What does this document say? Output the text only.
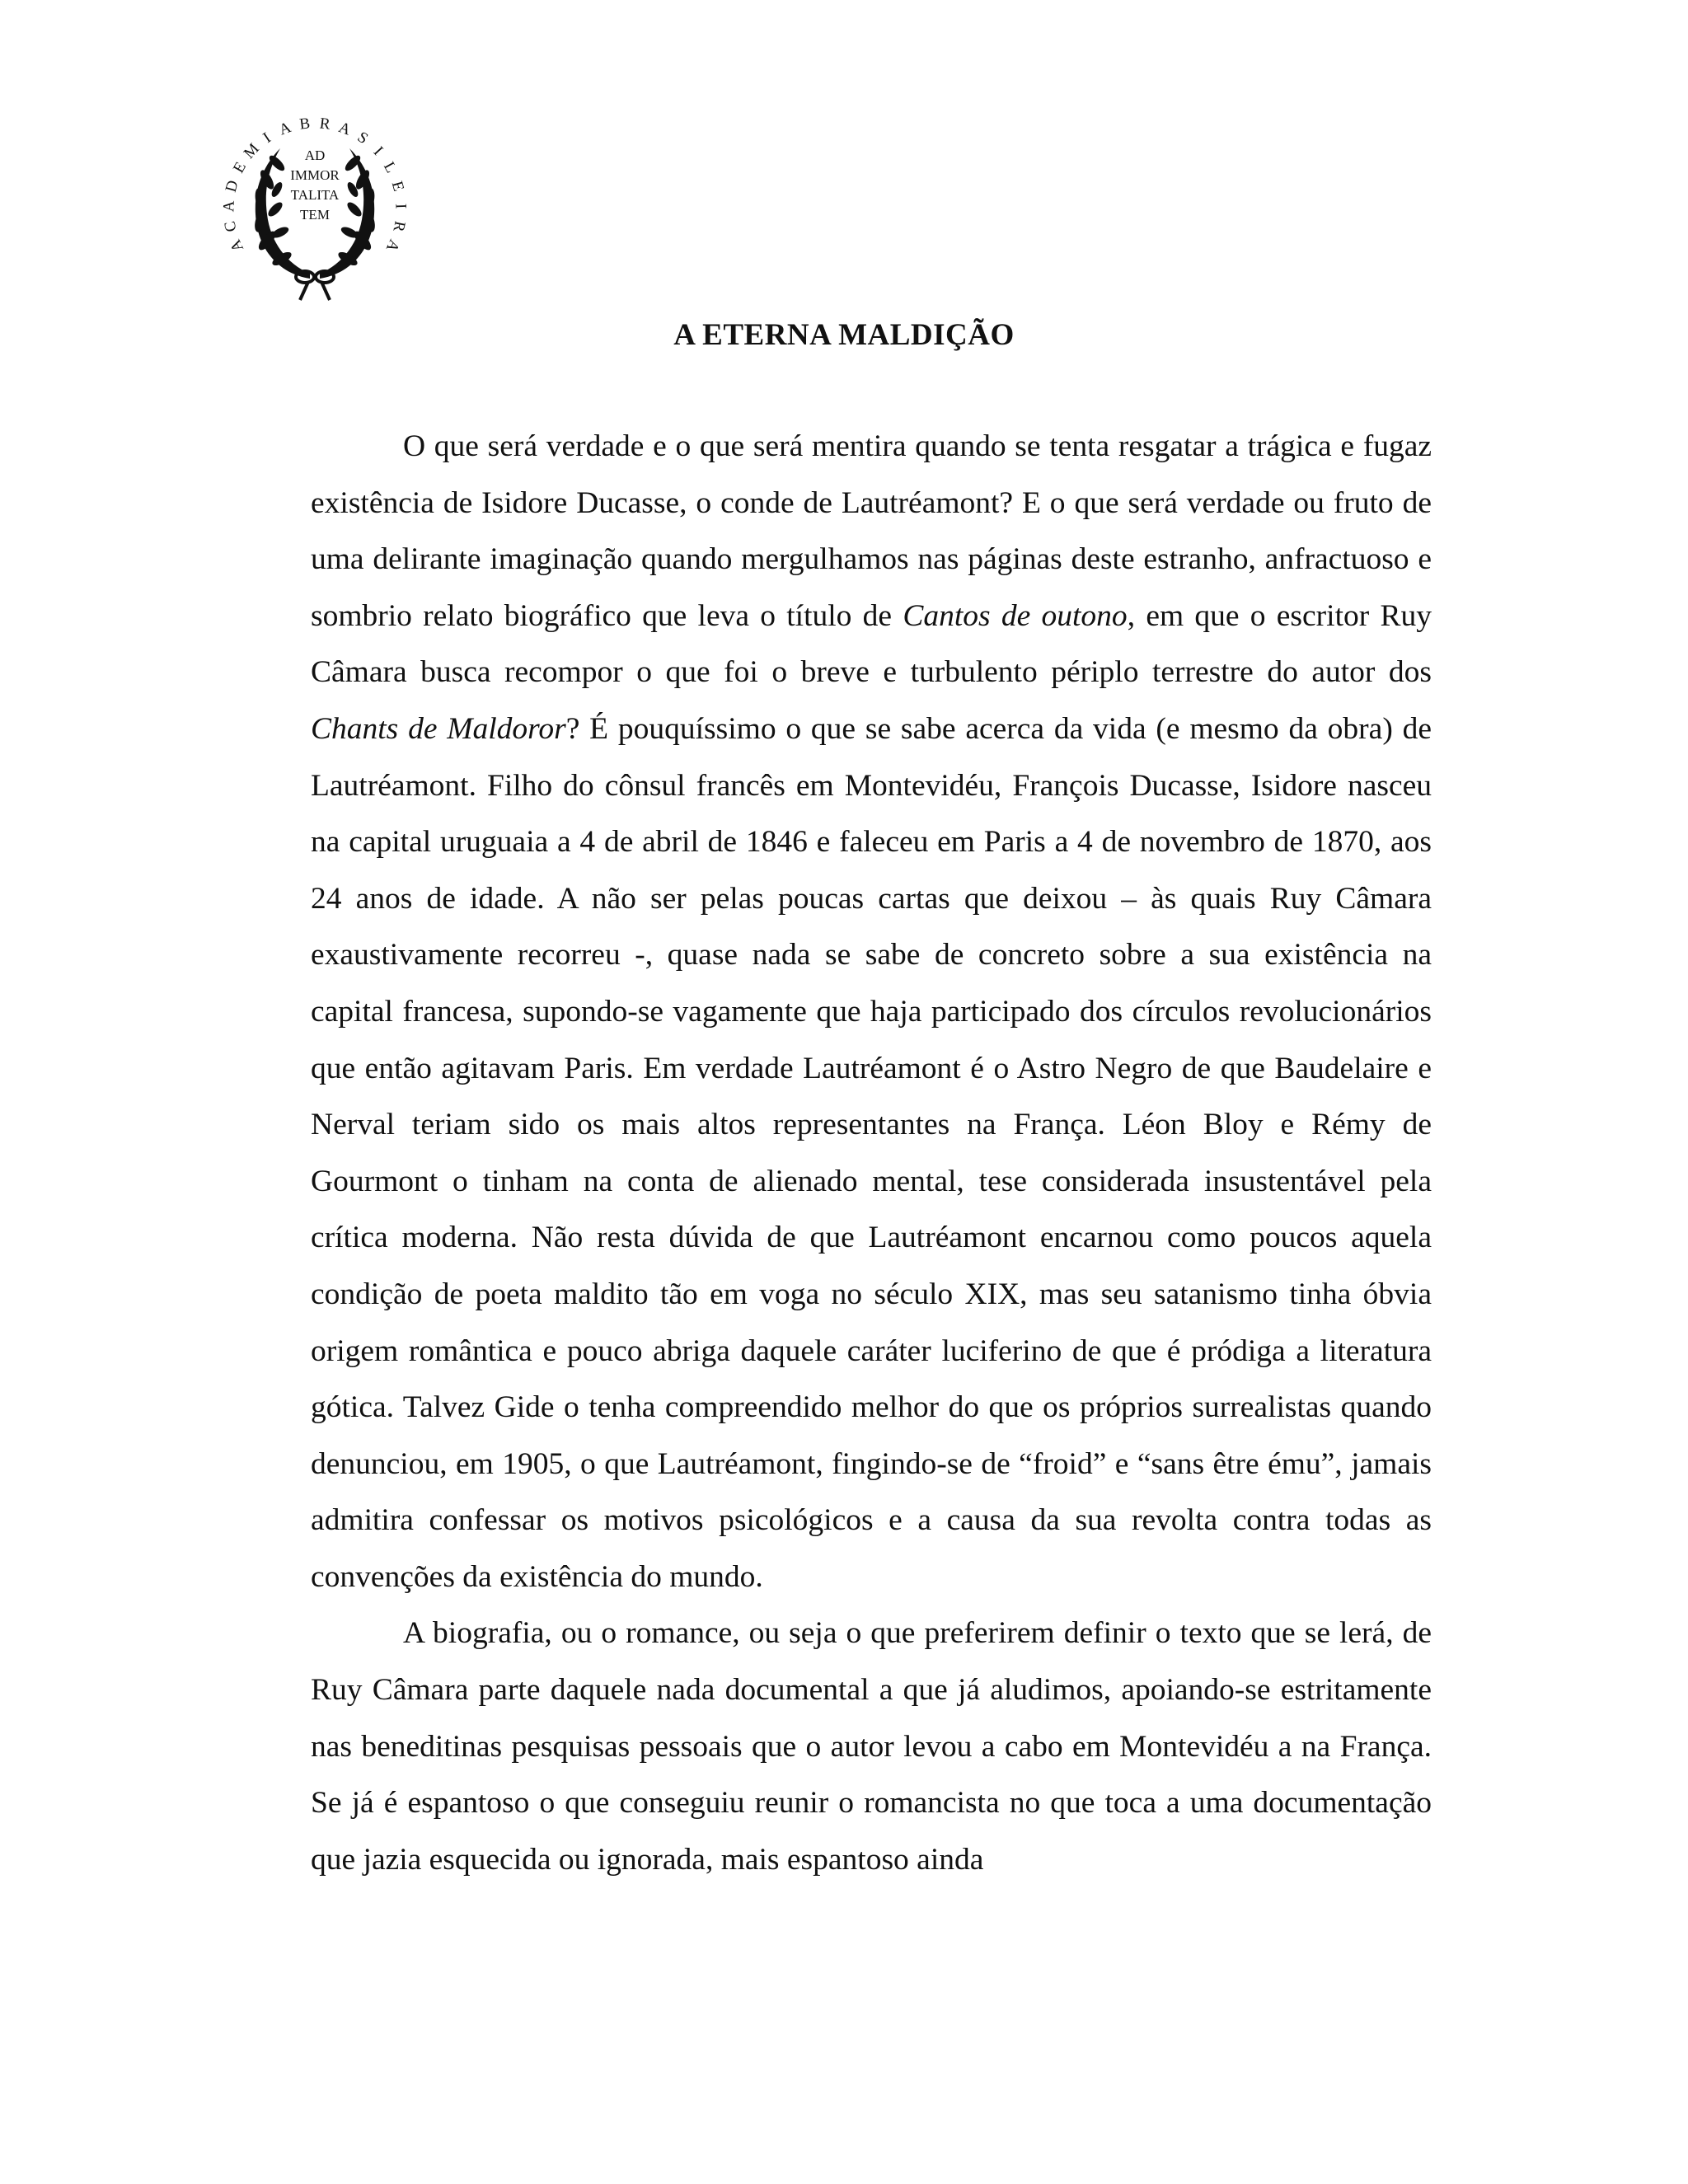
AD
IMMOR
TALITA
TEM
A
C
A
D
E
M
I A B R A S
I
L
E
I
R
A
A ETERNA MALDIÇÃO

O que será verdade e o que será mentira quando se tenta resgatar a trágica e fugaz existência de Isidore Ducasse, o conde de Lautréamont? E o que será verdade ou fruto de uma delirante imaginação quando mergulhamos nas páginas deste estranho, anfractuoso e sombrio relato biográfico que leva o título de Cantos de outono, em que o escritor Ruy Câmara busca recompor o que foi o breve e turbulento périplo terrestre do autor dos Chants de Maldoror? É pouquíssimo o que se sabe acerca da vida (e mesmo da obra) de Lautréamont. Filho do cônsul francês em Montevidéu, François Ducasse, Isidore nasceu na capital uruguaia a 4 de abril de 1846 e faleceu em Paris a 4 de novembro de 1870, aos 24 anos de idade. A não ser pelas poucas cartas que deixou – às quais Ruy Câmara exaustivamente recorreu -, quase nada se sabe de concreto sobre a sua existência na capital francesa, supondo-se vagamente que haja participado dos círculos revolucionários que então agitavam Paris. Em verdade Lautréamont é o Astro Negro de que Baudelaire e Nerval teriam sido os mais altos representantes na França. Léon Bloy e Rémy de Gourmont o tinham na conta de alienado mental, tese considerada insustentável pela crítica moderna. Não resta dúvida de que Lautréamont encarnou como poucos aquela condição de poeta maldito tão em voga no século XIX, mas seu satanismo tinha óbvia origem romântica e pouco abriga daquele caráter luciferino de que é pródiga a literatura gótica. Talvez Gide o tenha compreendido melhor do que os próprios surrealistas quando denunciou, em 1905, o que Lautréamont, fingindo-se de “froid” e “sans être ému”, jamais admitira confessar os motivos psicológicos e a causa da sua revolta contra todas as convenções da existência do mundo.

A biografia, ou o romance, ou seja o que preferirem definir o texto que se lerá, de Ruy Câmara parte daquele nada documental a que já aludimos, apoiando-se estritamente nas beneditinas pesquisas pessoais que o autor levou a cabo em Montevidéu a na França. Se já é espantoso o que conseguiu reunir o romancista no que toca a uma documentação que jazia esquecida ou ignorada, mais espantoso ainda
